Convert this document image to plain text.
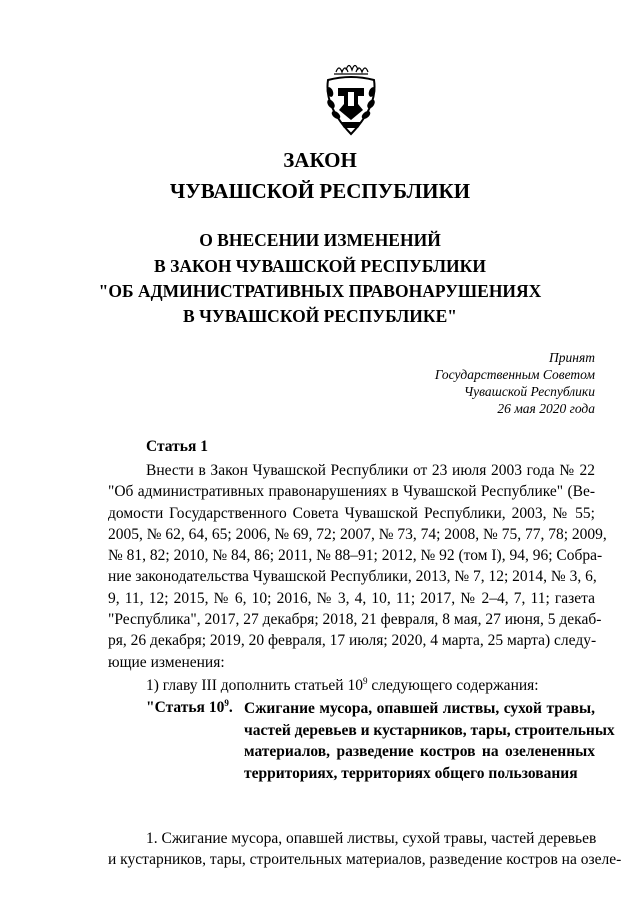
ЗАКОН
ЧУВАШСКОЙ РЕСПУБЛИКИ
О ВНЕСЕНИИ ИЗМЕНЕНИЙ
В ЗАКОН ЧУВАШСКОЙ РЕСПУБЛИКИ
"ОБ АДМИНИСТРАТИВНЫХ ПРАВОНАРУШЕНИЯХ
В ЧУВАШСКОЙ РЕСПУБЛИКЕ"
Принят
Государственным Советом
Чувашской Республики
26 мая 2020 года
Статья 1
Внести в Закон Чувашской Республики от 23 июля 2003 года № 22
"Об административных правонарушениях в Чувашской Республике" (Ве-
домости Государственного Совета Чувашской Республики, 2003, № 55;
2005, № 62, 64, 65; 2006, № 69, 72; 2007, № 73, 74; 2008, № 75, 77, 78; 2009,
№ 81, 82; 2010, № 84, 86; 2011, № 88–91; 2012, № 92 (том I), 94, 96; Собра-
ние законодательства Чувашской Республики, 2013, № 7, 12; 2014, № 3, 6,
9, 11, 12; 2015, № 6, 10; 2016, № 3, 4, 10, 11; 2017, № 2–4, 7, 11; газета
"Республика", 2017, 27 декабря; 2018, 21 февраля, 8 мая, 27 июня, 5 декаб-
ря, 26 декабря; 2019, 20 февраля, 17 июля; 2020, 4 марта, 25 марта) следу-
ющие изменения:
1) главу III дополнить статьей $10^9$ следующего содержания:
"Статья $10^9$. Сжигание мусора, опавшей листвы, сухой травы,
частей деревьев и кустарников, тары, строительных
материалов, разведение костров на озелененных
территориях, территориях общего пользования
1. Сжигание мусора, опавшей листвы, сухой травы, частей деревьев
и кустарников, тары, строительных материалов, разведение костров на озеле-
